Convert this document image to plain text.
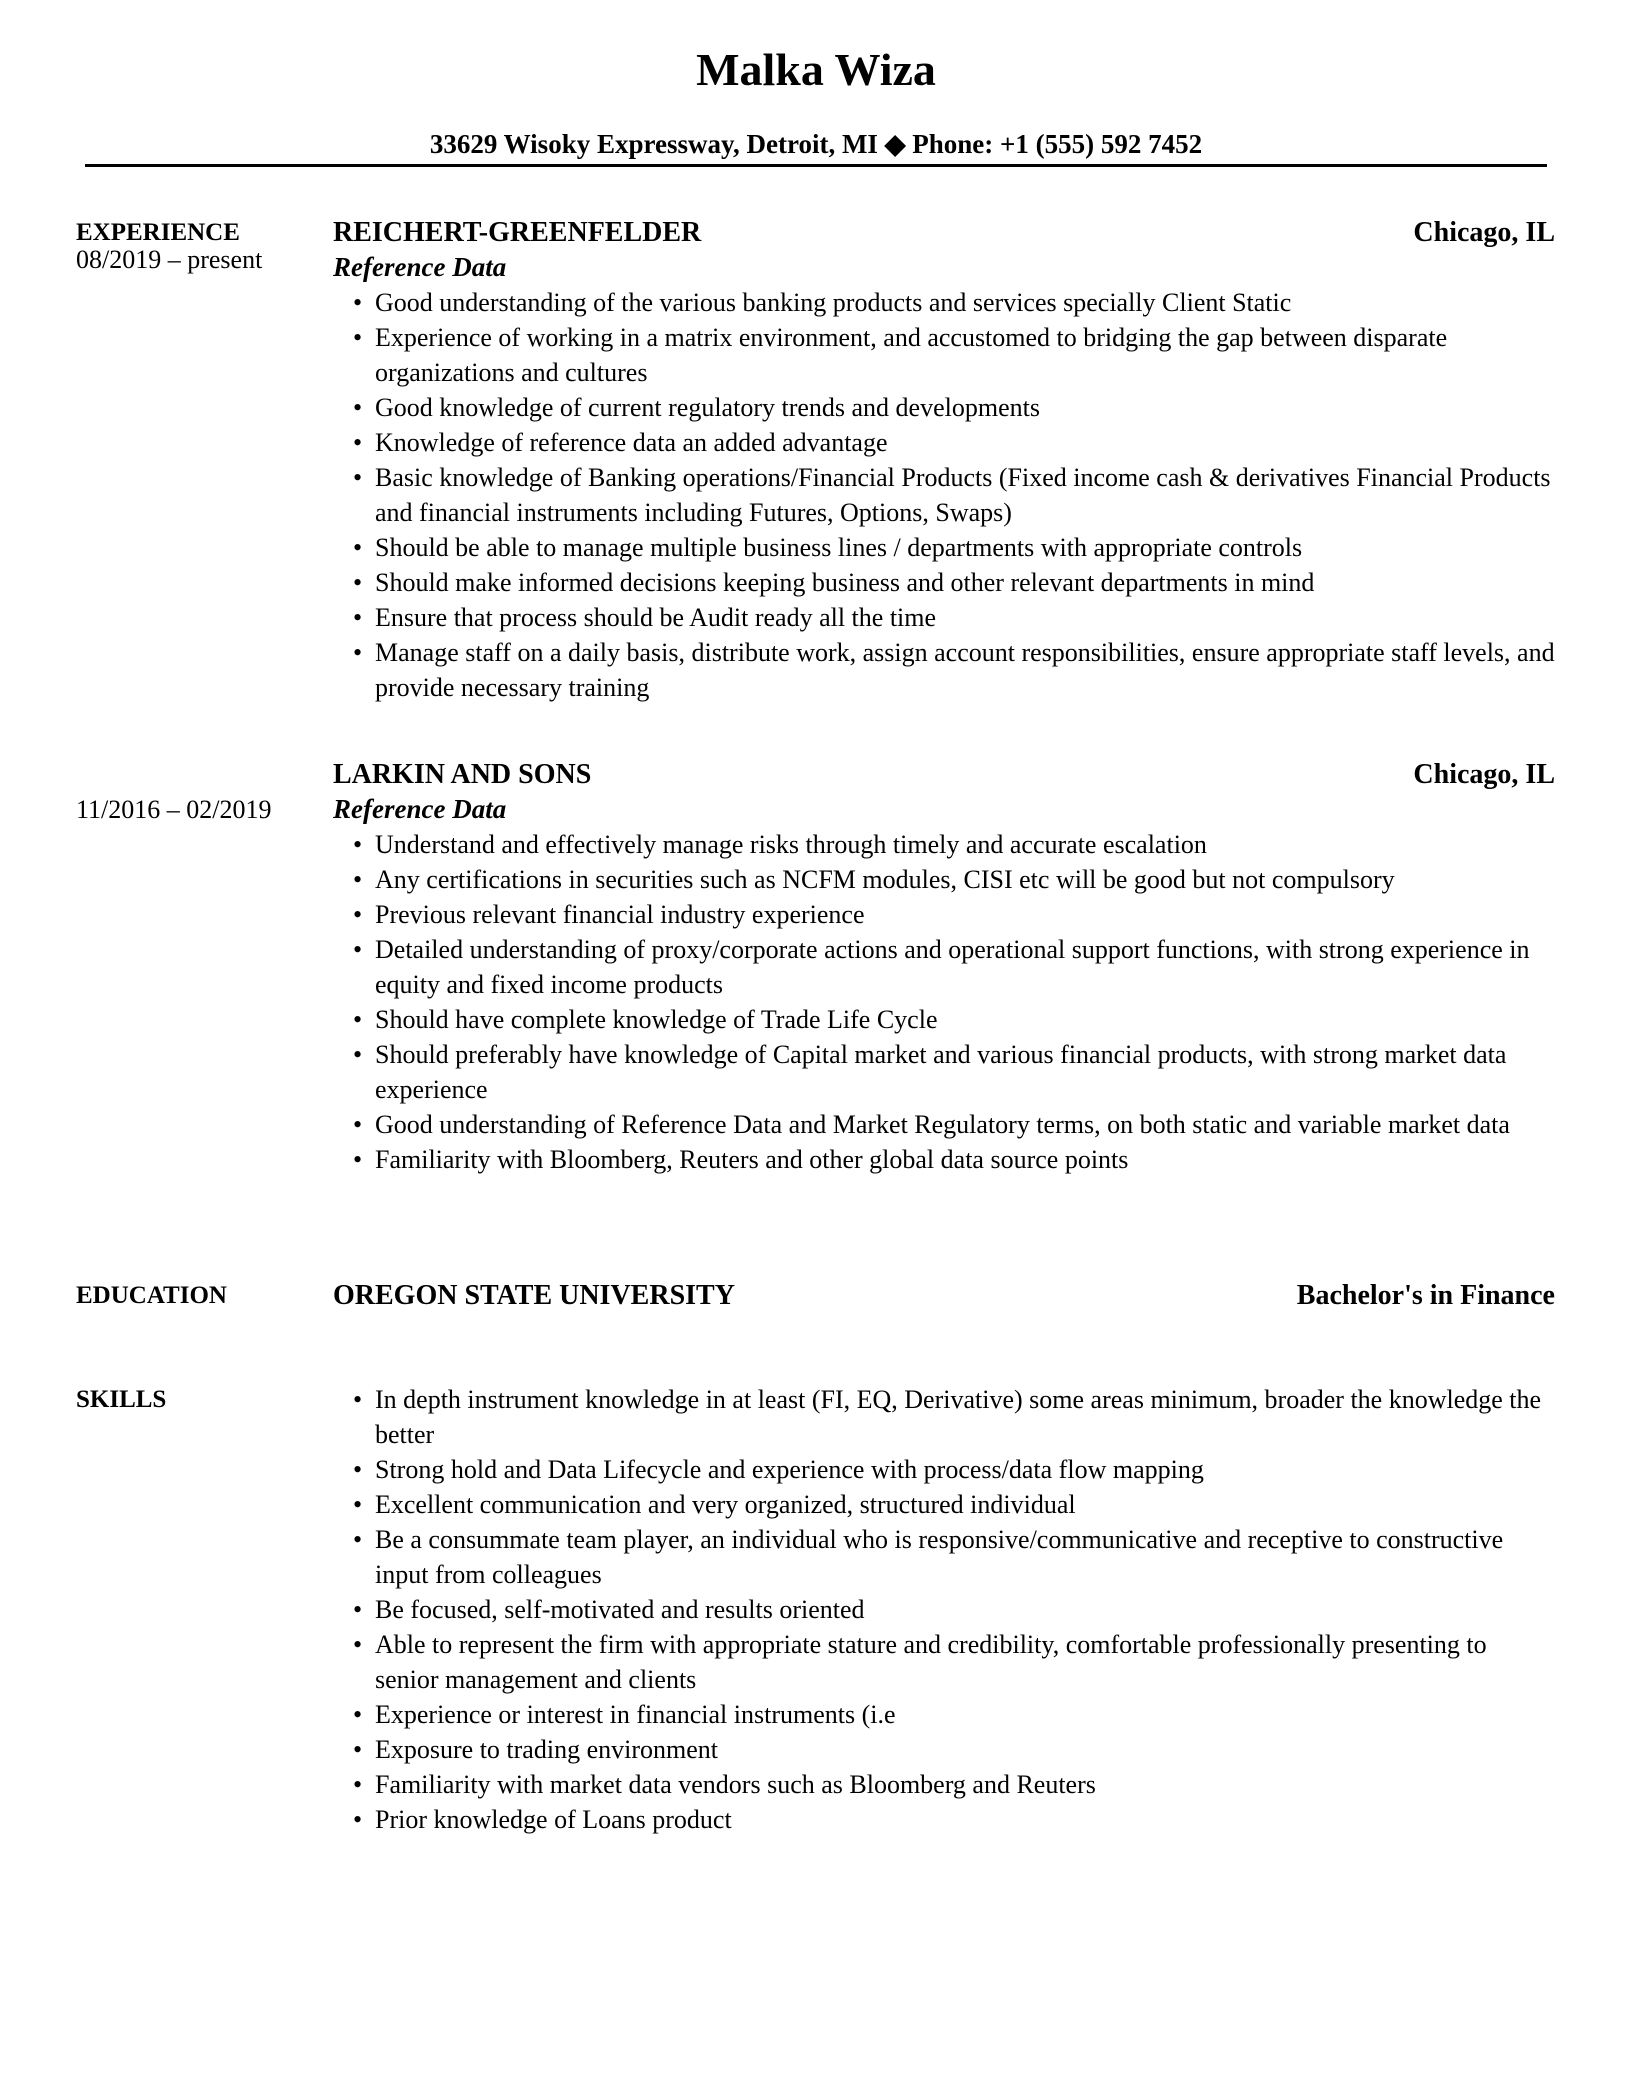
Malka Wiza
33629 Wisoky Expressway, Detroit, MI ◆ Phone: +1 (555) 592 7452
EXPERIENCE
08/2019 – present
REICHERT-GREENFELDER	Chicago, IL
Reference Data
• Good understanding of the various banking products and services specially Client Static
• Experience of working in a matrix environment, and accustomed to bridging the gap between disparate organizations and cultures
• Good knowledge of current regulatory trends and developments
• Knowledge of reference data an added advantage
• Basic knowledge of Banking operations/Financial Products (Fixed income cash & derivatives Financial Products and financial instruments including Futures, Options, Swaps)
• Should be able to manage multiple business lines / departments with appropriate controls
• Should make informed decisions keeping business and other relevant departments in mind
• Ensure that process should be Audit ready all the time
• Manage staff on a daily basis, distribute work, assign account responsibilities, ensure appropriate staff levels, and provide necessary training
11/2016 – 02/2019
LARKIN AND SONS	Chicago, IL
Reference Data
• Understand and effectively manage risks through timely and accurate escalation
• Any certifications in securities such as NCFM modules, CISI etc will be good but not compulsory
• Previous relevant financial industry experience
• Detailed understanding of proxy/corporate actions and operational support functions, with strong experience in equity and fixed income products
• Should have complete knowledge of Trade Life Cycle
• Should preferably have knowledge of Capital market and various financial products, with strong market data experience
• Good understanding of Reference Data and Market Regulatory terms, on both static and variable market data
• Familiarity with Bloomberg, Reuters and other global data source points
EDUCATION	OREGON STATE UNIVERSITY	Bachelor's in Finance
SKILLS	• In depth instrument knowledge in at least (FI, EQ, Derivative) some areas minimum, broader the knowledge the better
• Strong hold and Data Lifecycle and experience with process/data flow mapping
• Excellent communication and very organized, structured individual
• Be a consummate team player, an individual who is responsive/communicative and receptive to constructive input from colleagues
• Be focused, self-motivated and results oriented
• Able to represent the firm with appropriate stature and credibility, comfortable professionally presenting to senior management and clients
• Experience or interest in financial instruments (i.e
• Exposure to trading environment
• Familiarity with market data vendors such as Bloomberg and Reuters
• Prior knowledge of Loans product
